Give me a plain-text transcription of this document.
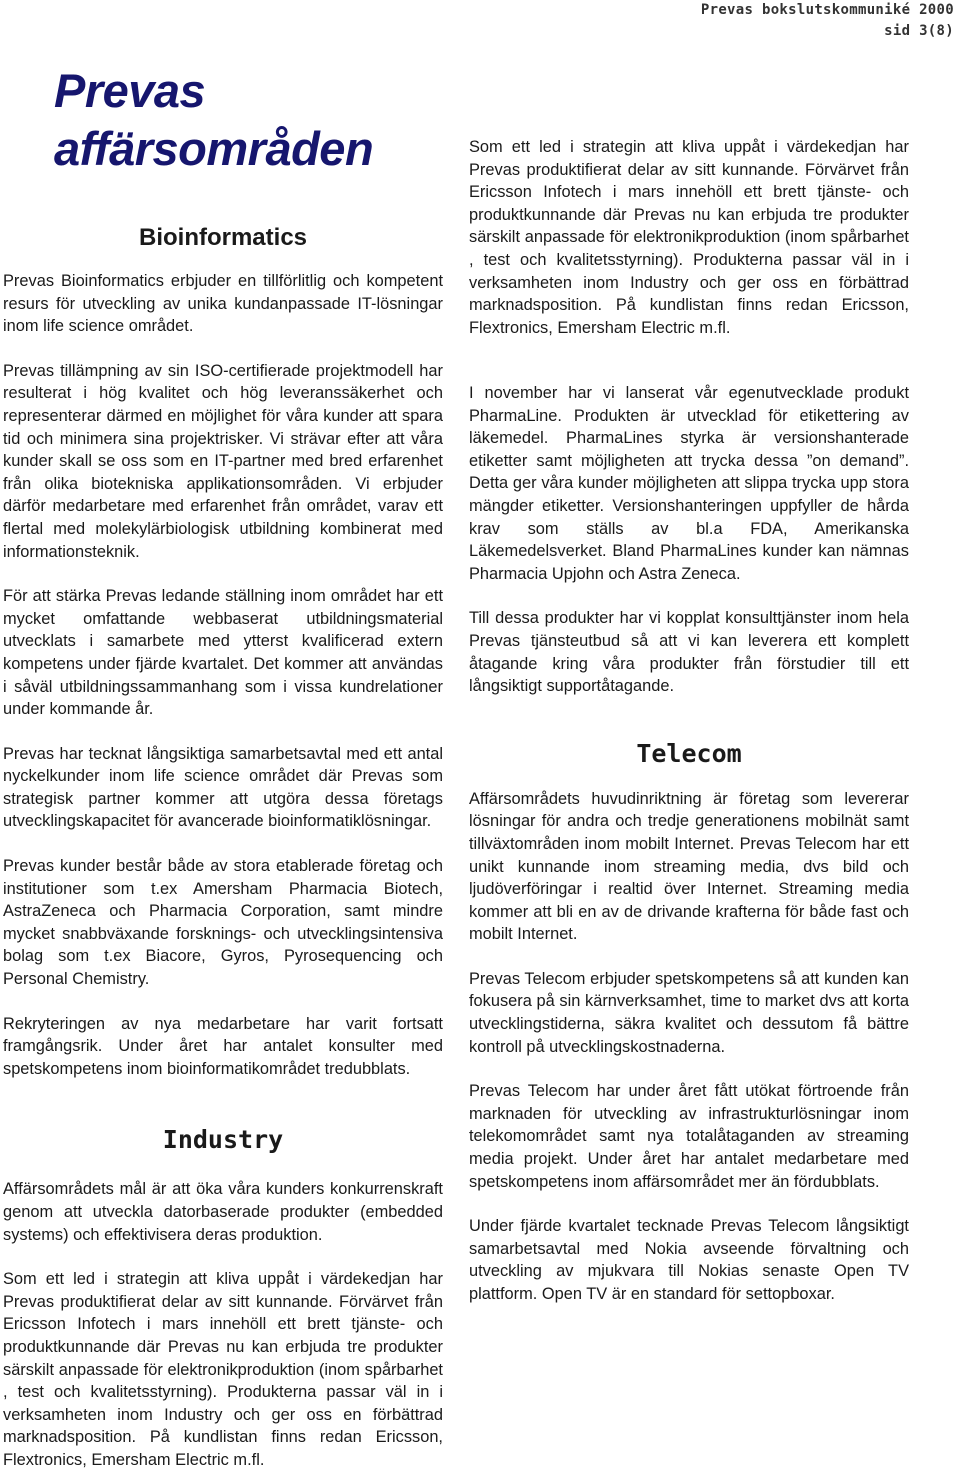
Prevas bokslutskommuniké 2000
sid 3(8)
Prevas
affärsområden
Bioinformatics

Prevas Bioinformatics erbjuder en tillförlitlig och kompetent resurs för utveckling av unika kundanpassade IT-lösningar inom life science området.

Prevas tillämpning av sin ISO-certifierade projektmodell har resulterat i hög kvalitet och hög leveranssäkerhet och representerar därmed en möjlighet för våra kunder att spara tid och minimera sina projektrisker. Vi strävar efter att våra kunder skall se oss som en IT-partner med bred erfarenhet från olika biotekniska applikationsområden. Vi erbjuder därför medarbetare med erfarenhet från området, varav ett flertal med molekylärbiologisk utbildning kombinerat med informationsteknik.

För att stärka Prevas ledande ställning inom området har ett mycket omfattande webbaserat utbildningsmaterial utvecklats i samarbete med ytterst kvalificerad extern kompetens under fjärde kvartalet. Det kommer att användas i såväl utbildningssammanhang som i vissa kundrelationer under kommande år.

Prevas har tecknat långsiktiga samarbetsavtal med ett antal nyckelkunder inom life science området där Prevas som strategisk partner kommer att utgöra dessa företags utvecklingskapacitet för avancerade bioinformatiklösningar.

Prevas kunder består både av stora etablerade företag och institutioner som t.ex Amersham Pharmacia Biotech, AstraZeneca och Pharmacia Corporation, samt mindre mycket snabbväxande forsknings- och utvecklingsintensiva bolag som t.ex Biacore, Gyros, Pyrosequencing och Personal Chemistry.

Rekryteringen av nya medarbetare har varit fortsatt framgångsrik. Under året har antalet konsulter med spetskompetens inom bioinformatikområdet tredubblats.

Industry

Affärsområdets mål är att öka våra kunders konkurrenskraft genom att utveckla datorbaserade produkter (embedded systems) och effektivisera deras produktion.

Som ett led i strategin att kliva uppåt i värdekedjan har Prevas produktifierat delar av sitt kunnande. Förvärvet från Ericsson Infotech i mars innehöll ett brett tjänste- och produktkunnande där Prevas nu kan erbjuda tre produkter särskilt anpassade för elektronikproduktion (inom spårbarhet , test och kvalitetsstyrning). Produkterna passar väl in i verksamheten inom Industry och ger oss en förbättrad marknadsposition. På kundlistan finns redan Ericsson, Flextronics, Emersham Electric m.fl.

Som ett led i strategin att kliva uppåt i värdekedjan har Prevas produktifierat delar av sitt kunnande. Förvärvet från Ericsson Infotech i mars innehöll ett brett tjänste- och produktkunnande där Prevas nu kan erbjuda tre produkter särskilt anpassade för elektronikproduktion (inom spårbarhet , test och kvalitetsstyrning). Produkterna passar väl in i verksamheten inom Industry och ger oss en förbättrad marknadsposition. På kundlistan finns redan Ericsson, Flextronics, Emersham Electric m.fl.

I november har vi lanserat vår egenutvecklade produkt PharmaLine. Produkten är utvecklad för etikettering av läkemedel. PharmaLines styrka är versionshanterade etiketter samt möjligheten att trycka dessa ”on demand”. Detta ger våra kunder möjligheten att slippa trycka upp stora mängder etiketter. Versionshanteringen uppfyller de hårda krav som ställs av bl.a FDA, Amerikanska Läkemedelsverket. Bland PharmaLines kunder kan nämnas Pharmacia Upjohn och Astra Zeneca.

Till dessa produkter har vi kopplat konsulttjänster inom hela Prevas tjänsteutbud så att vi kan leverera ett komplett åtagande kring våra produkter från förstudier till ett långsiktigt supportåtagande.

Telecom

Affärsområdets huvudinriktning är företag som levererar lösningar för andra och tredje generationens mobilnät samt tillväxtområden inom mobilt Internet. Prevas Telecom har ett unikt kunnande inom streaming media, dvs bild och ljudöverföringar i realtid över Internet. Streaming media kommer att bli en av de drivande krafterna för både fast och mobilt Internet.

Prevas Telecom erbjuder spetskompetens så att kunden kan fokusera på sin kärnverksamhet, time to market dvs att korta utvecklingstiderna, säkra kvalitet och dessutom få bättre kontroll på utvecklingskostnaderna.

Prevas Telecom har under året fått utökat förtroende från marknaden för utveckling av infrastrukturlösningar inom telekomområdet samt nya totalåtaganden av streaming media projekt. Under året har antalet medarbetare med spetskompetens inom affärsområdet mer än fördubblats.

Under fjärde kvartalet tecknade Prevas Telecom långsiktigt samarbetsavtal med Nokia avseende förvaltning och utveckling av mjukvara till Nokias senaste Open TV plattform. Open TV är en standard för settopboxar.
